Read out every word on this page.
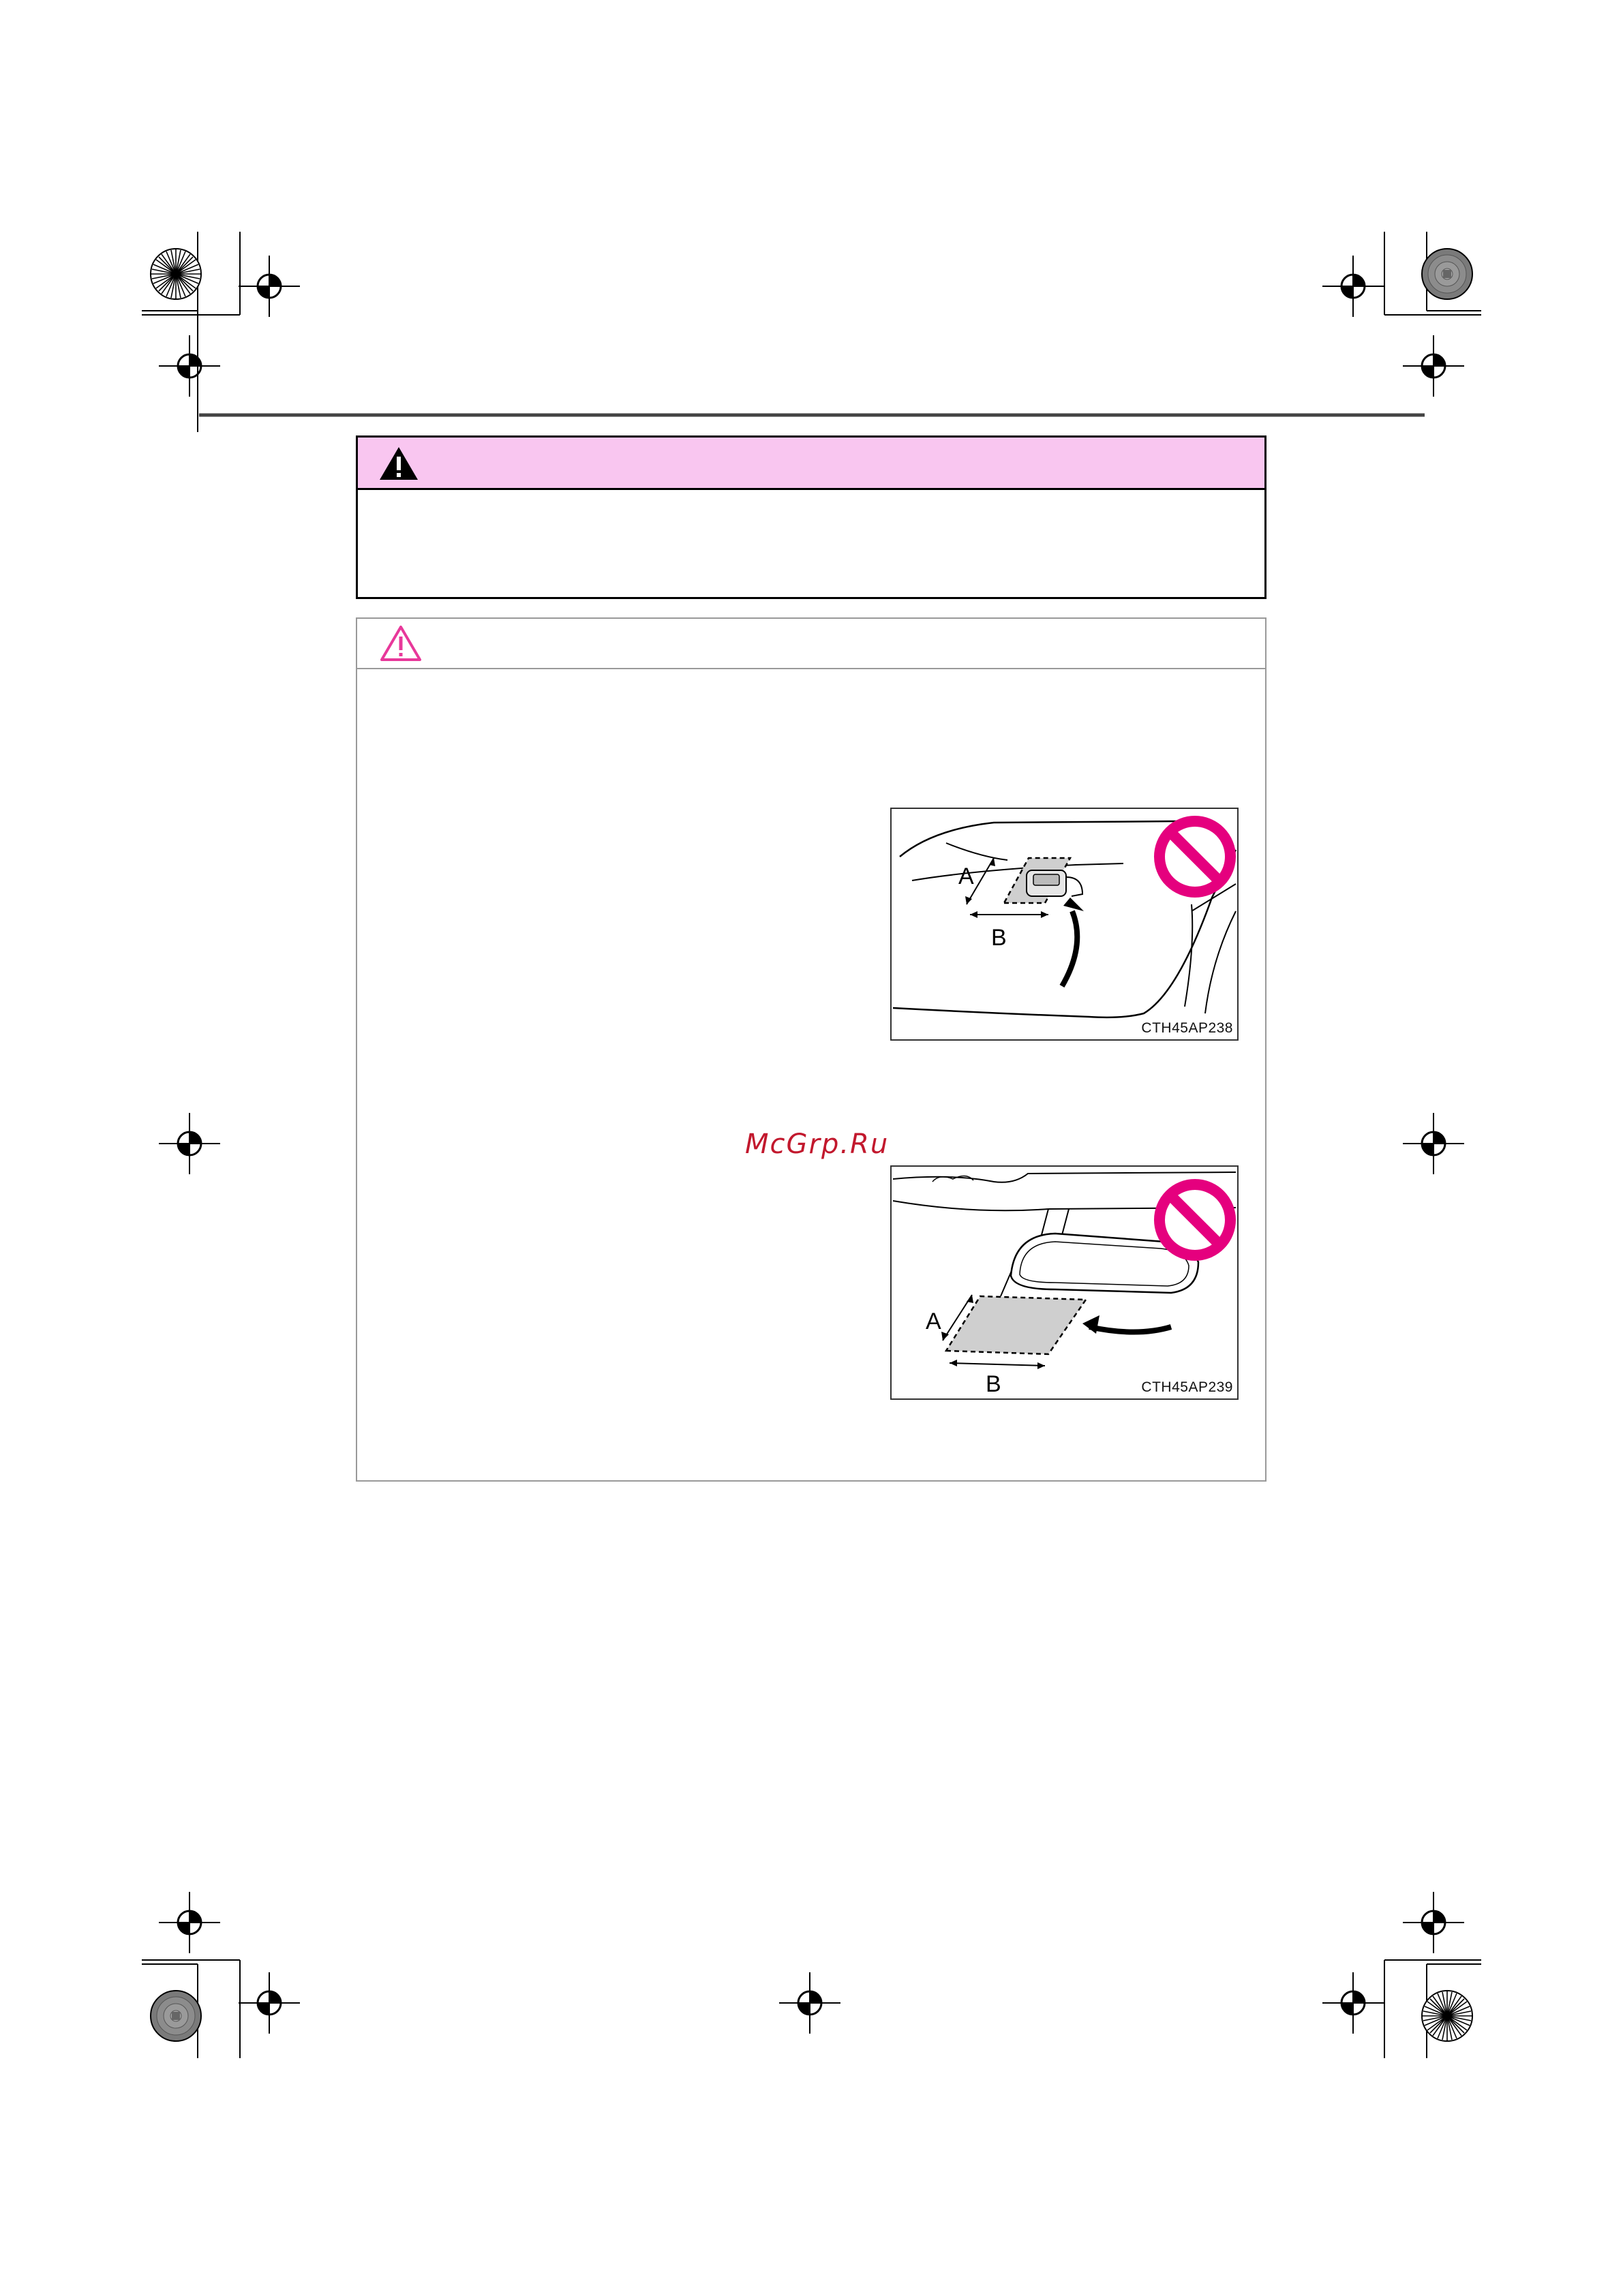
A
B
CTH45AP238
McGrp.Ru
A
B	CTH45AP239
